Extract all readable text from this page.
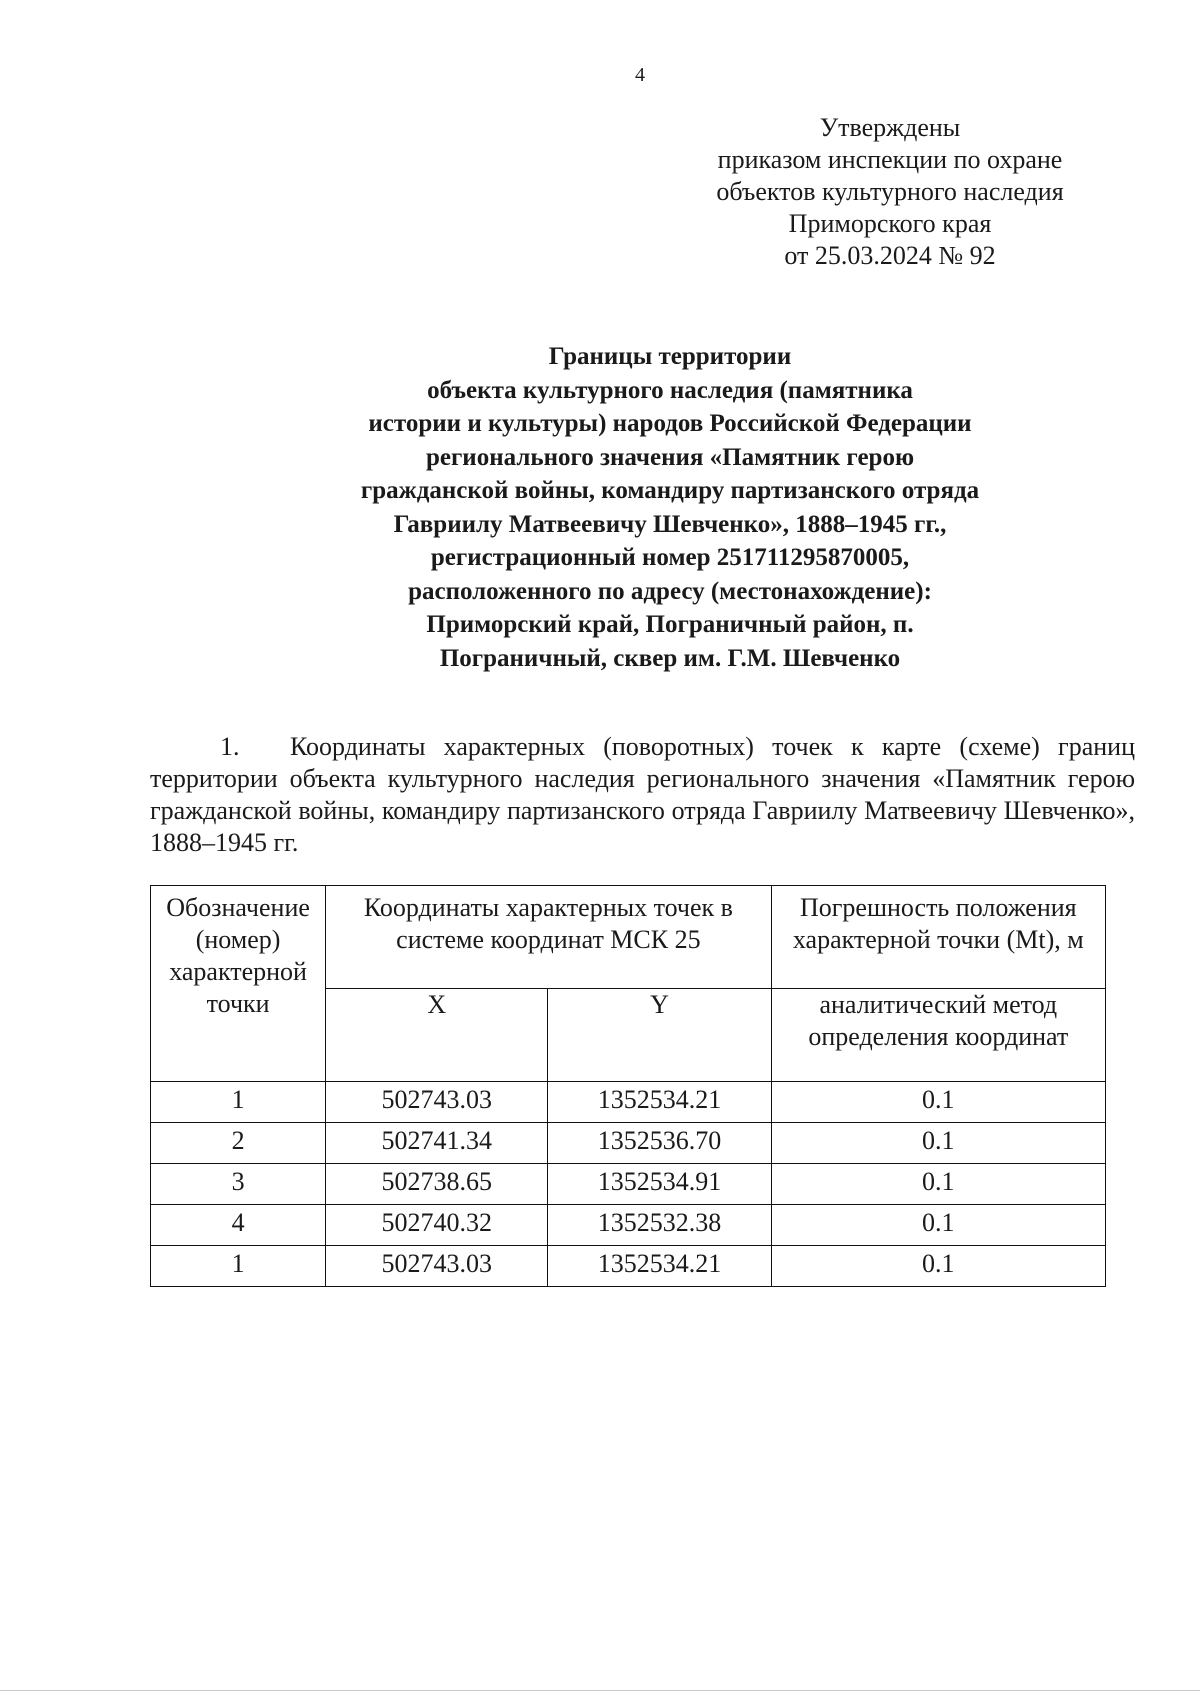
4
Утверждены
приказом инспекции по охране
объектов культурного наследия
Приморского края
от 25.03.2024 № 92
Границы территории
объекта культурного наследия (памятника
истории и культуры) народов Российской Федерации
регионального значения «Памятник герою
гражданской войны, командиру партизанского отряда
Гавриилу Матвеевичу Шевченко», 1888–1945 гг.,
регистрационный номер 251711295870005,
расположенного по адресу (местонахождение):
Приморский край, Пограничный район, п.
Пограничный, сквер им. Г.М. Шевченко
1. Координаты характерных (поворотных) точек к карте (схеме) границ территории объекта культурного наследия регионального значения «Памятник герою гражданской войны, командиру партизанского отряда Гавриилу Матвеевичу Шевченко», 1888–1945 гг.
Обозначение (номер) характерной точки	Координаты характерных точек в системе координат МСК 25		Погрешность положения характерной точки (Mt), м
	X	Y	аналитический метод определения координат
1	502743.03	1352534.21	0.1
2	502741.34	1352536.70	0.1
3	502738.65	1352534.91	0.1
4	502740.32	1352532.38	0.1
1	502743.03	1352534.21	0.1
